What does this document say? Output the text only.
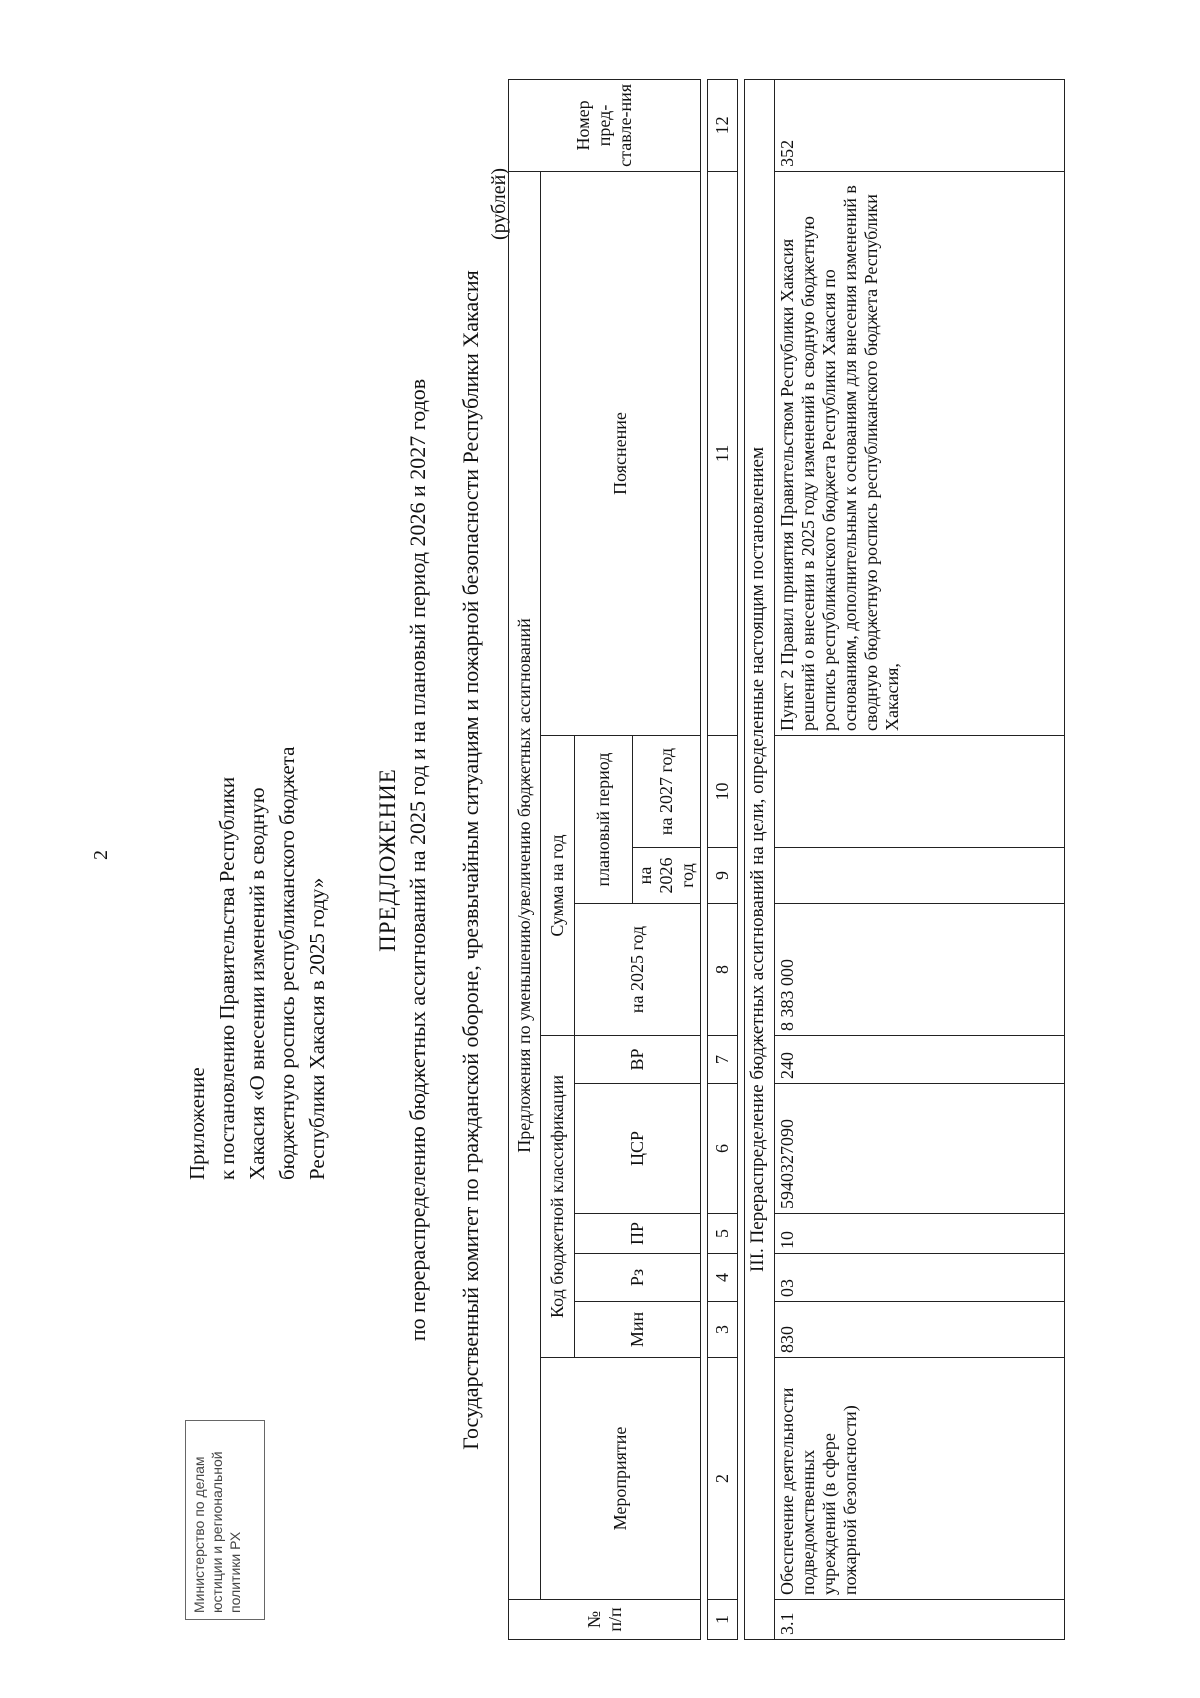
Министерство по делам юстиции и региональной политики РХ
2
Приложение к постановлению Правительства Республики Хакасия «О внесении изменений в сводную бюджетную роспись республиканского бюджета Республики Хакасия в 2025 году»
ПРЕДЛОЖЕНИЕ по перераспределению бюджетных ассигнований на 2025 год и на плановый период 2026 и 2027 годов Государственный комитет по гражданской обороне, чрезвычайным ситуациям и пожарной безопасности Республики Хакасия
(рублей)
№ п/п	Предложения по уменьшению/увеличению бюджетных ассигнований										Номер пред-ставле-ния
	Мероприятие	Код бюджетной классификации					Сумма на год			Пояснение	
		Мин	Рз	ПР	ЦСР	ВР	на 2025 год	плановый период			
								на 2026 год	на 2027 год		

1	2	3	4	5	6	7	8	9	10	11	12

III. Перераспределение бюджетных ассигнований на цели, определенные настоящим постановлением											
3.1	Обеспечение деятельности подведомственных учреждений (в сфере пожарной безопасности)	830	03	10	5940327090	240	8 383 000			Пункт 2 Правил принятия Правительством Республики Хакасия решений о внесении в 2025 году изменений в сводную бюджетную роспись республиканского бюджета Республики Хакасия по основаниям, дополнительным к основаниям для внесения изменений в сводную бюджетную роспись республиканского бюджета Республики Хакасия,	352
